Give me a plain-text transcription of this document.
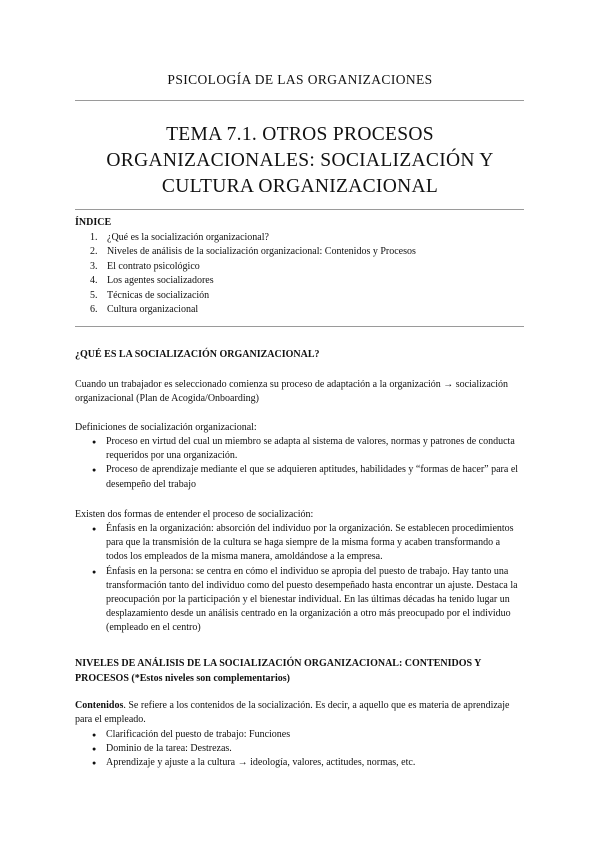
PSICOLOGÍA DE LAS ORGANIZACIONES
TEMA 7.1. OTROS PROCESOS
ORGANIZACIONALES: SOCIALIZACIÓN Y
CULTURA ORGANIZACIONAL
ÍNDICE
1. ¿Qué es la socialización organizacional?
2. Niveles de análisis de la socialización organizacional: Contenidos y Procesos
3. El contrato psicológico
4. Los agentes socializadores
5. Técnicas de socialización
6. Cultura organizacional
¿QUÉ ES LA SOCIALIZACIÓN ORGANIZACIONAL?
Cuando un trabajador es seleccionado comienza su proceso de adaptación a la organización → socialización organizacional (Plan de Acogida/Onboarding)
Definiciones de socialización organizacional:
● Proceso en virtud del cual un miembro se adapta al sistema de valores, normas y patrones de conducta requeridos por una organización.
● Proceso de aprendizaje mediante el que se adquieren aptitudes, habilidades y “formas de hacer” para el desempeño del trabajo
Existen dos formas de entender el proceso de socialización:
● Énfasis en la organización: absorción del individuo por la organización. Se establecen procedimientos para que la transmisión de la cultura se haga siempre de la misma forma y acaben transformando a todos los empleados de la misma manera, amoldándose a la empresa.
● Énfasis en la persona: se centra en cómo el individuo se apropia del puesto de trabajo. Hay tanto una transformación tanto del individuo como del puesto desempeñado hasta encontrar un ajuste. Destaca la preocupación por la participación y el bienestar individual. En las últimas décadas ha tenido lugar un desplazamiento desde un análisis centrado en la organización a otro más preocupado por el individuo (empleado en el centro)
NIVELES DE ANÁLISIS DE LA SOCIALIZACIÓN ORGANIZACIONAL: CONTENIDOS Y PROCESOS (*Estos niveles son complementarios)
Contenidos. Se refiere a los contenidos de la socialización. Es decir, a aquello que es materia de aprendizaje para el empleado.
● Clarificación del puesto de trabajo: Funciones
● Dominio de la tarea: Destrezas.
● Aprendizaje y ajuste a la cultura → ideología, valores, actitudes, normas, etc.
